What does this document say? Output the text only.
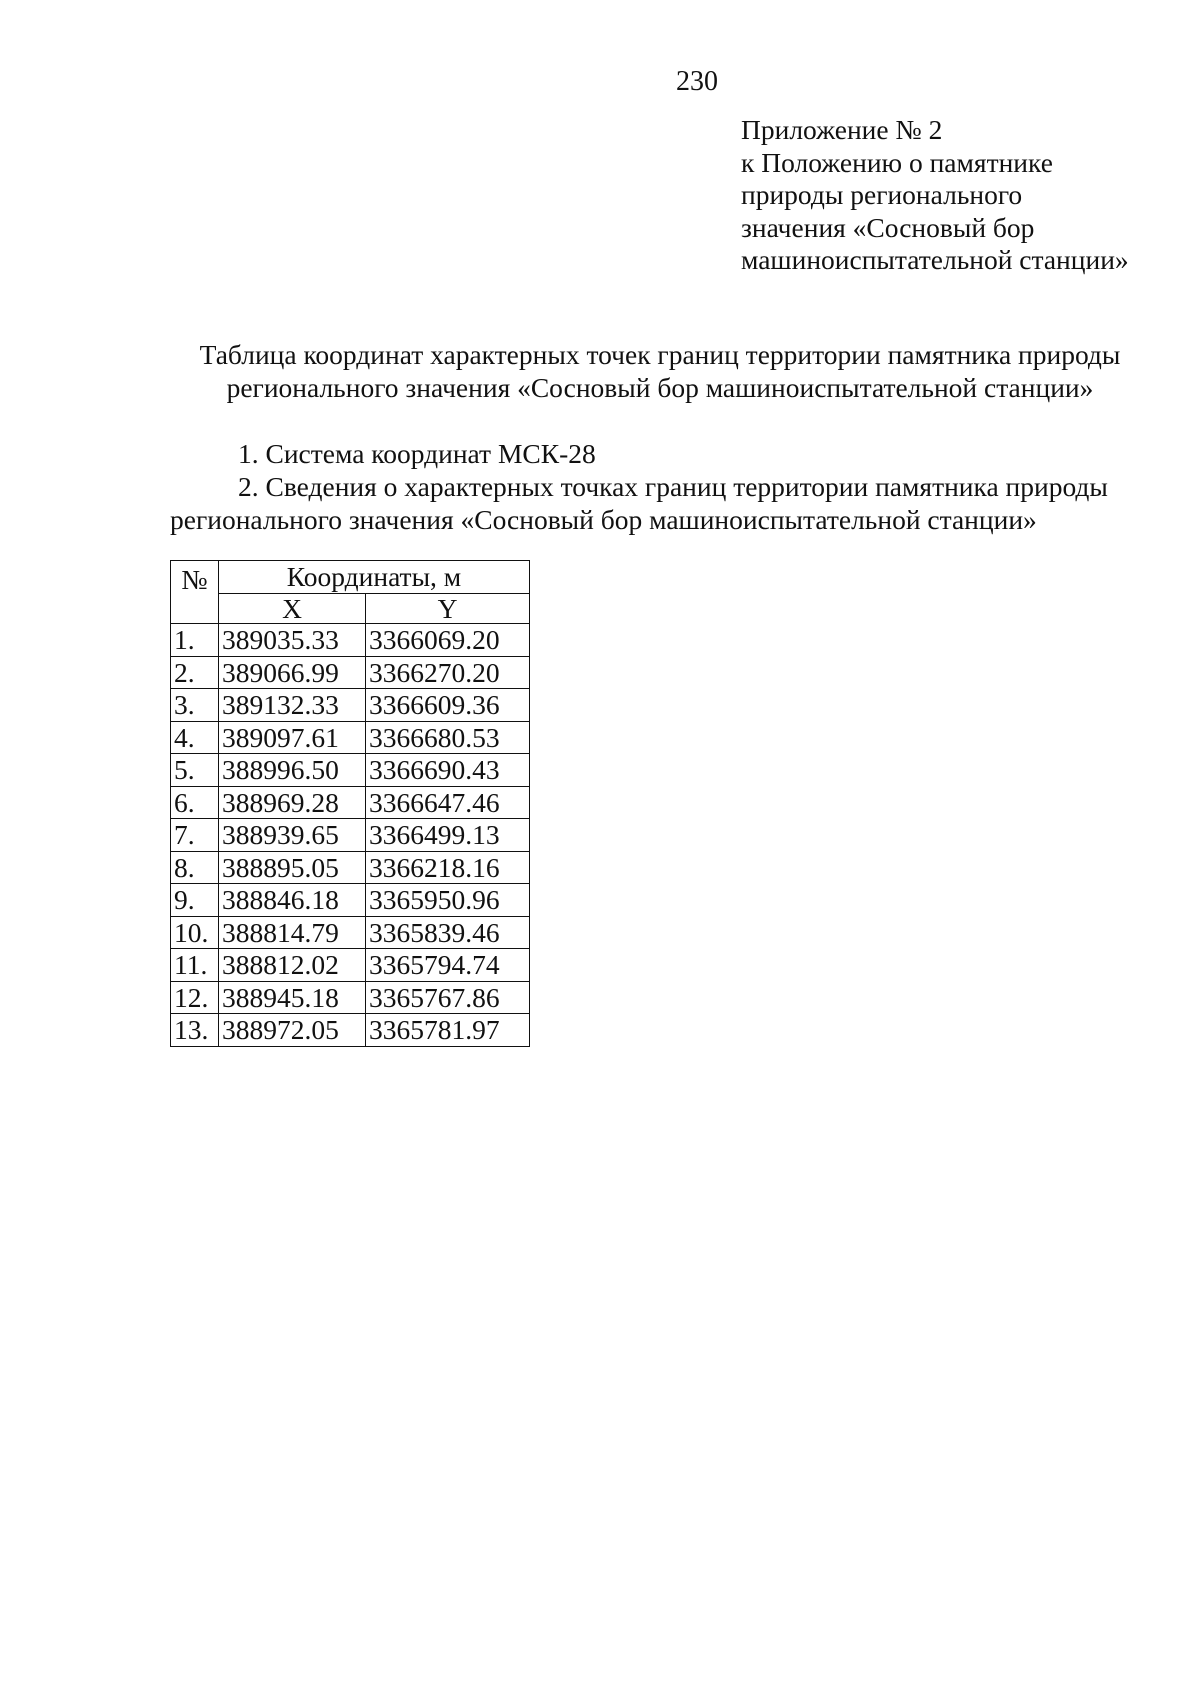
230
Приложение № 2
к Положению о памятнике
природы регионального
значения «Сосновый бор
машиноиспытательной станции»
Таблица координат характерных точек границ территории памятника природы
регионального значения «Сосновый бор машиноиспытательной станции»
1. Система координат МСК-28
2. Сведения о характерных точках границ территории памятника природы
регионального значения «Сосновый бор машиноиспытательной станции»
№	Координаты, м	
	X	Y
1.	389035.33	3366069.20
2.	389066.99	3366270.20
3.	389132.33	3366609.36
4.	389097.61	3366680.53
5.	388996.50	3366690.43
6.	388969.28	3366647.46
7.	388939.65	3366499.13
8.	388895.05	3366218.16
9.	388846.18	3365950.96
10.	388814.79	3365839.46
11.	388812.02	3365794.74
12.	388945.18	3365767.86
13.	388972.05	3365781.97
